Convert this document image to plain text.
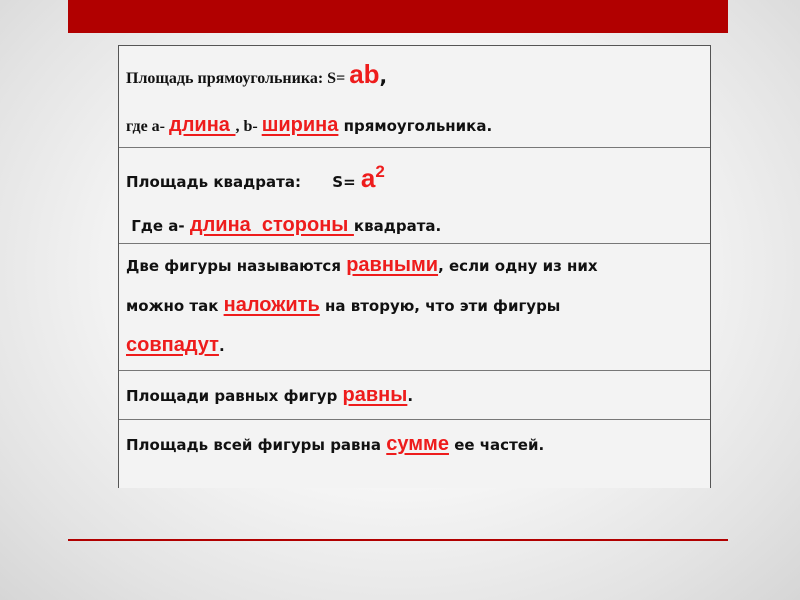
Площадь прямоугольника: S= ab,
где а- длина , b- ширина прямоугольника.
Площадь квадрата:      S= a2
Где а- длина  стороны квадрата.
Две фигуры называются равными, если одну из них
можно так наложить на вторую, что эти фигуры
совпадут.
Площади равных фигур равны.
Площадь всей фигуры равна сумме ее частей.
